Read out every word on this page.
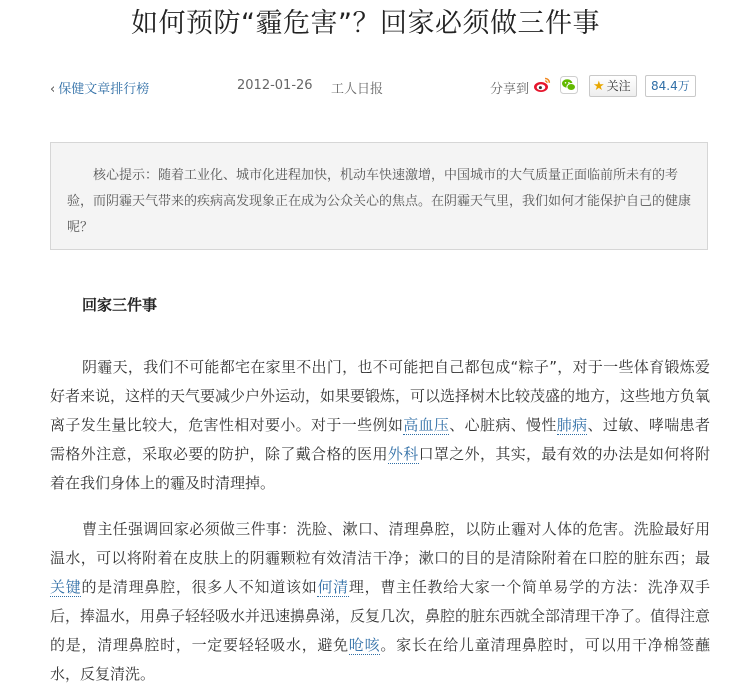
如何预防“霾危害”？回家必须做三件事
‹ 保健文章排行榜	2012-01-26 工人日报	分享到	★ 关注	84.4万
核心提示：随着工业化、城市化进程加快，机动车快速激增，中国城市的大气质量正面临前所未有的考验，而阴霾天气带来的疾病高发现象正在成为公众关心的焦点。在阴霾天气里，我们如何才能保护自己的健康呢？
回家三件事

阴霾天，我们不可能都宅在家里不出门，也不可能把自己都包成“粽子”，对于一些体育锻炼爱好者来说，这样的天气要减少户外运动，如果要锻炼，可以选择树木比较茂盛的地方，这些地方负氧离子发生量比较大，危害性相对要小。对于一些例如高血压、心脏病、慢性肺病、过敏、哮喘患者需格外注意，采取必要的防护，除了戴合格的医用外科口罩之外，其实，最有效的办法是如何将附着在我们身体上的霾及时清理掉。

曹主任强调回家必须做三件事：洗脸、漱口、清理鼻腔，以防止霾对人体的危害。洗脸最好用温水，可以将附着在皮肤上的阴霾颗粒有效清洁干净；漱口的目的是清除附着在口腔的脏东西；最关键的是清理鼻腔，很多人不知道该如何清理，曹主任教给大家一个简单易学的方法：洗净双手后，捧温水，用鼻子轻轻吸水并迅速擤鼻涕，反复几次，鼻腔的脏东西就全部清理干净了。值得注意的是，清理鼻腔时，一定要轻轻吸水，避免呛咳。家长在给儿童清理鼻腔时，可以用干净棉签蘸水，反复清洗。
